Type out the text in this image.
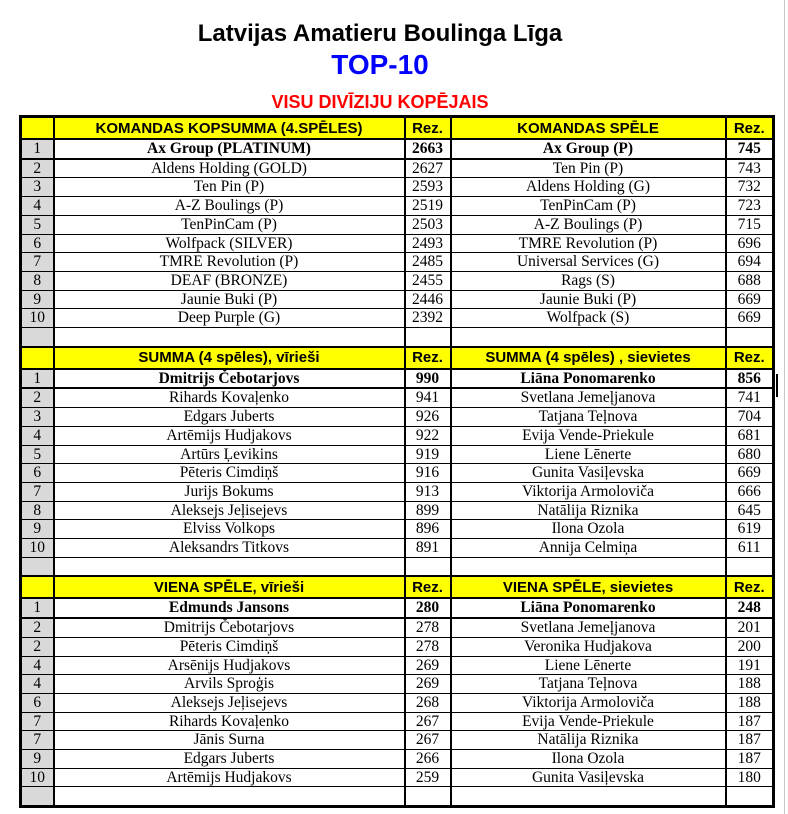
Latvijas Amatieru Boulinga Līga
TOP-10
VISU DIVĪZIJU KOPĒJAIS
	KOMANDAS KOPSUMMA (4.SPĒLES)	Rez.	KOMANDAS SPĒLE	Rez.
1	Ax Group (PLATINUM)	2663	Ax Group (P)	745
2	Aldens Holding (GOLD)	2627	Ten Pin (P)	743
3	Ten Pin (P)	2593	Aldens Holding (G)	732
4	A-Z Boulings (P)	2519	TenPinCam (P)	723
5	TenPinCam (P)	2503	A-Z Boulings (P)	715
6	Wolfpack (SILVER)	2493	TMRE Revolution (P)	696
7	TMRE Revolution (P)	2485	Universal Services (G)	694
8	DEAF (BRONZE)	2455	Rags (S)	688
9	Jaunie Buki (P)	2446	Jaunie Buki (P)	669
10	Deep Purple (G)	2392	Wolfpack (S)	669

	SUMMA (4 spēles), vīrieši	Rez.	SUMMA (4 spēles) , sievietes	Rez.
1	Dmitrijs Čebotarjovs	990	Liāna Ponomarenko	856
2	Rihards Kovaļenko	941	Svetlana Jemeļjanova	741
3	Edgars Juberts	926	Tatjana Teļnova	704
4	Artēmijs Hudjakovs	922	Evija Vende-Priekule	681
5	Artūrs Ļevikins	919	Liene Lēnerte	680
6	Pēteris Cimdiņš	916	Gunita Vasiļevska	669
7	Jurijs Bokums	913	Viktorija Armoloviča	666
8	Aleksejs Jeļisejevs	899	Natālija Riznika	645
9	Elviss Volkops	896	Ilona Ozola	619
10	Aleksandrs Titkovs	891	Annija Celmiņa	611

	VIENA SPĒLE, vīrieši	Rez.	VIENA SPĒLE, sievietes	Rez.
1	Edmunds Jansons	280	Liāna Ponomarenko	248
2	Dmitrijs Čebotarjovs	278	Svetlana Jemeļjanova	201
2	Pēteris Cimdiņš	278	Veronika Hudjakova	200
4	Arsēnijs Hudjakovs	269	Liene Lēnerte	191
4	Arvils Sproģis	269	Tatjana Teļnova	188
6	Aleksejs Jeļisejevs	268	Viktorija Armoloviča	188
7	Rihards Kovaļenko	267	Evija Vende-Priekule	187
7	Jānis Surna	267	Natālija Riznika	187
9	Edgars Juberts	266	Ilona Ozola	187
10	Artēmijs Hudjakovs	259	Gunita Vasiļevska	180
